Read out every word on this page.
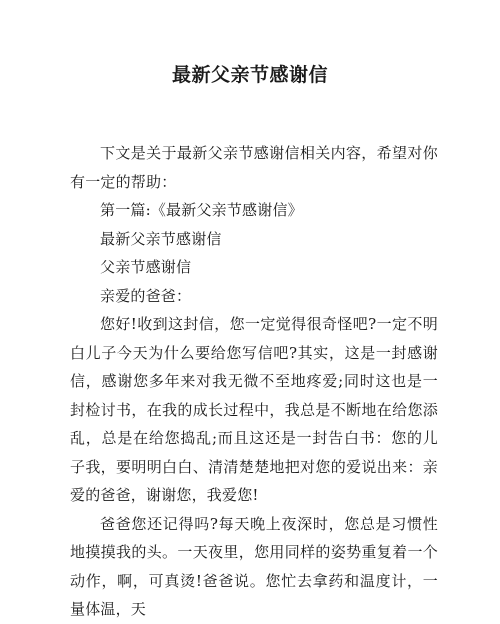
最新父亲节感谢信

下文是关于最新父亲节感谢信相关内容，希望对你有一定的帮助：

第一篇:《最新父亲节感谢信》

最新父亲节感谢信

父亲节感谢信

亲爱的爸爸：

您好!收到这封信，您一定觉得很奇怪吧?一定不明白儿子今天为什么要给您写信吧?其实，这是一封感谢信，感谢您多年来对我无微不至地疼爱;同时这也是一封检讨书，在我的成长过程中，我总是不断地在给您添乱，总是在给您捣乱;而且这还是一封告白书：您的儿子我，要明明白白、清清楚楚地把对您的爱说出来：亲爱的爸爸，谢谢您，我爱您!

爸爸您还记得吗?每天晚上夜深时，您总是习惯性地摸摸我的头。一天夜里，您用同样的姿势重复着一个动作，啊，可真烫!爸爸说。您忙去拿药和温度计，一量体温，天
